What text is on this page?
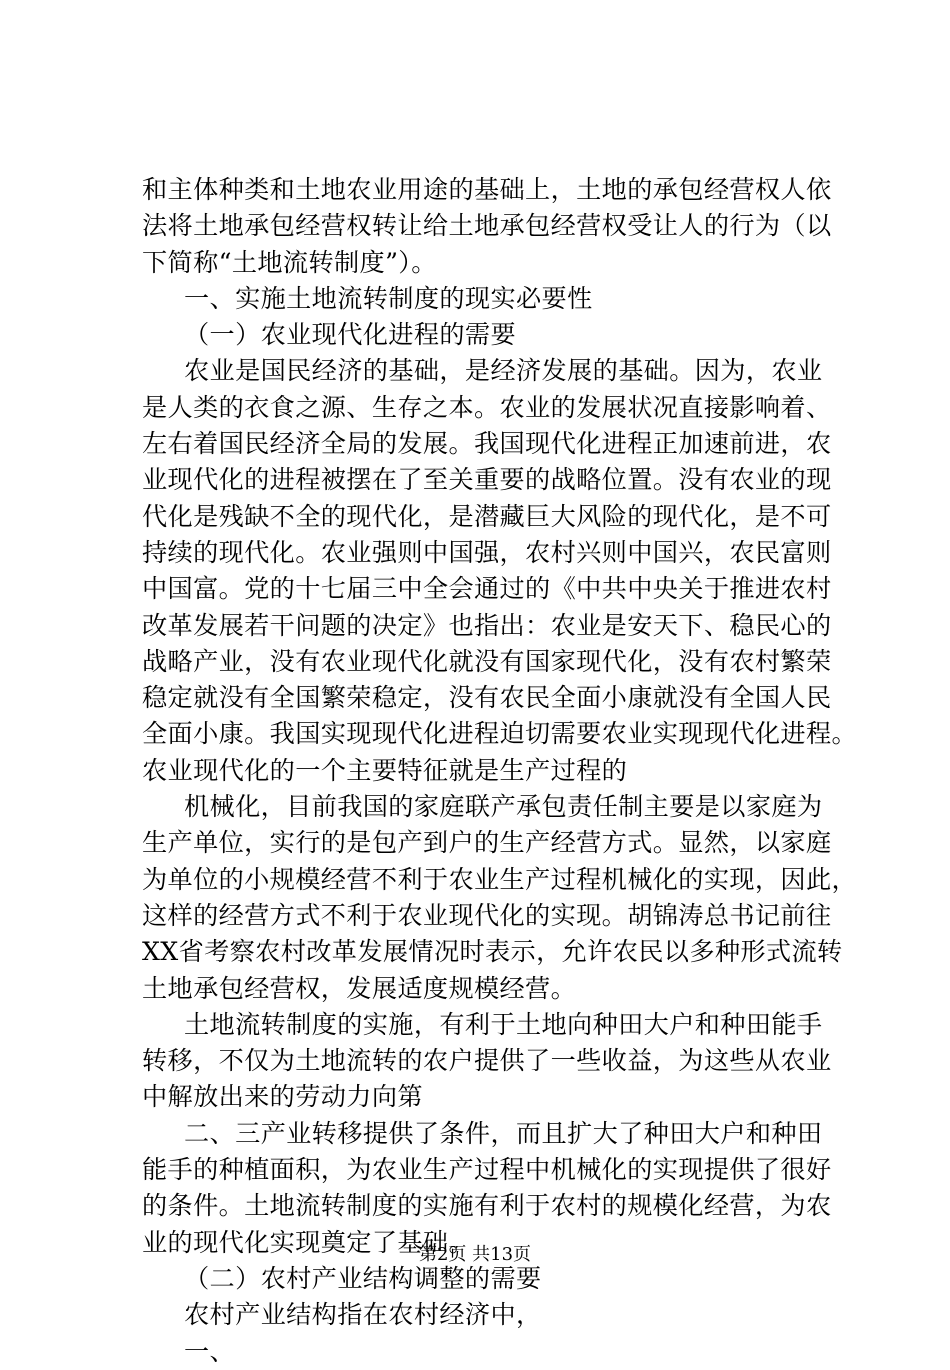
和主体种类和土地农业用途的基础上，土地的承包经营权人依
法将土地承包经营权转让给土地承包经营权受让人的行为（以
下简称“土地流转制度”）。
一、实施土地流转制度的现实必要性
（一）农业现代化进程的需要
农业是国民经济的基础，是经济发展的基础。因为，农业
是人类的衣食之源、生存之本。农业的发展状况直接影响着、
左右着国民经济全局的发展。我国现代化进程正加速前进，农
业现代化的进程被摆在了至关重要的战略位置。没有农业的现
代化是残缺不全的现代化，是潜藏巨大风险的现代化，是不可
持续的现代化。农业强则中国强，农村兴则中国兴，农民富则
中国富。党的十七届三中全会通过的《中共中央关于推进农村
改革发展若干问题的决定》也指出：农业是安天下、稳民心的
战略产业，没有农业现代化就没有国家现代化，没有农村繁荣
稳定就没有全国繁荣稳定，没有农民全面小康就没有全国人民
全面小康。我国实现现代化进程迫切需要农业实现现代化进程。
农业现代化的一个主要特征就是生产过程的
机械化，目前我国的家庭联产承包责任制主要是以家庭为
生产单位，实行的是包产到户的生产经营方式。显然，以家庭
为单位的小规模经营不利于农业生产过程机械化的实现，因此，
这样的经营方式不利于农业现代化的实现。胡锦涛总书记前往
XX省考察农村改革发展情况时表示，允许农民以多种形式流转
土地承包经营权，发展适度规模经营。
土地流转制度的实施，有利于土地向种田大户和种田能手
转移，不仅为土地流转的农户提供了一些收益，为这些从农业
中解放出来的劳动力向第
二、三产业转移提供了条件，而且扩大了种田大户和种田
能手的种植面积，为农业生产过程中机械化的实现提供了很好
的条件。土地流转制度的实施有利于农村的规模化经营，为农
业的现代化实现奠定了基础。
（二）农村产业结构调整的需要
农村产业结构指在农村经济中，
一、
第2页 共13页
